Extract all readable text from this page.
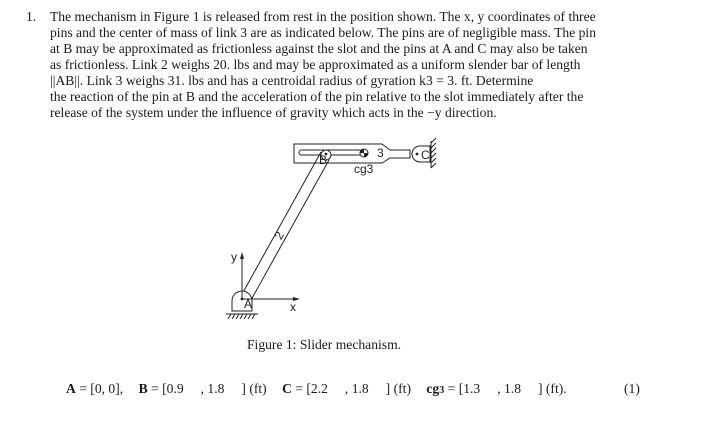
1. The mechanism in Figure 1 is released from rest in the position shown. The x, y coordinates of three
pins and the center of mass of link 3 are as indicated below. The pins are of negligible mass. The pin
at B may be approximated as frictionless against the slot and the pins at A and C may also be taken
as frictionless. Link 2 weighs 20. lbs and may be approximated as a uniform slender bar of length
||AB||. Link 3 weighs 31. lbs and has a centroidal radius of gyration k3 = 3. ft. Determine
the reaction of the pin at B and the acceleration of the pin relative to the slot immediately after the
release of the system under the influence of gravity which acts in the −y direction.
B
cg3
3	C
2
y
A	x
Figure 1: Slider mechanism.
A = [0, 0], B = [0.9     , 1.8     ] (ft) C = [2.2     , 1.8     ] (ft) cg3 = [1.3     , 1.8     ] (ft).	(1)
